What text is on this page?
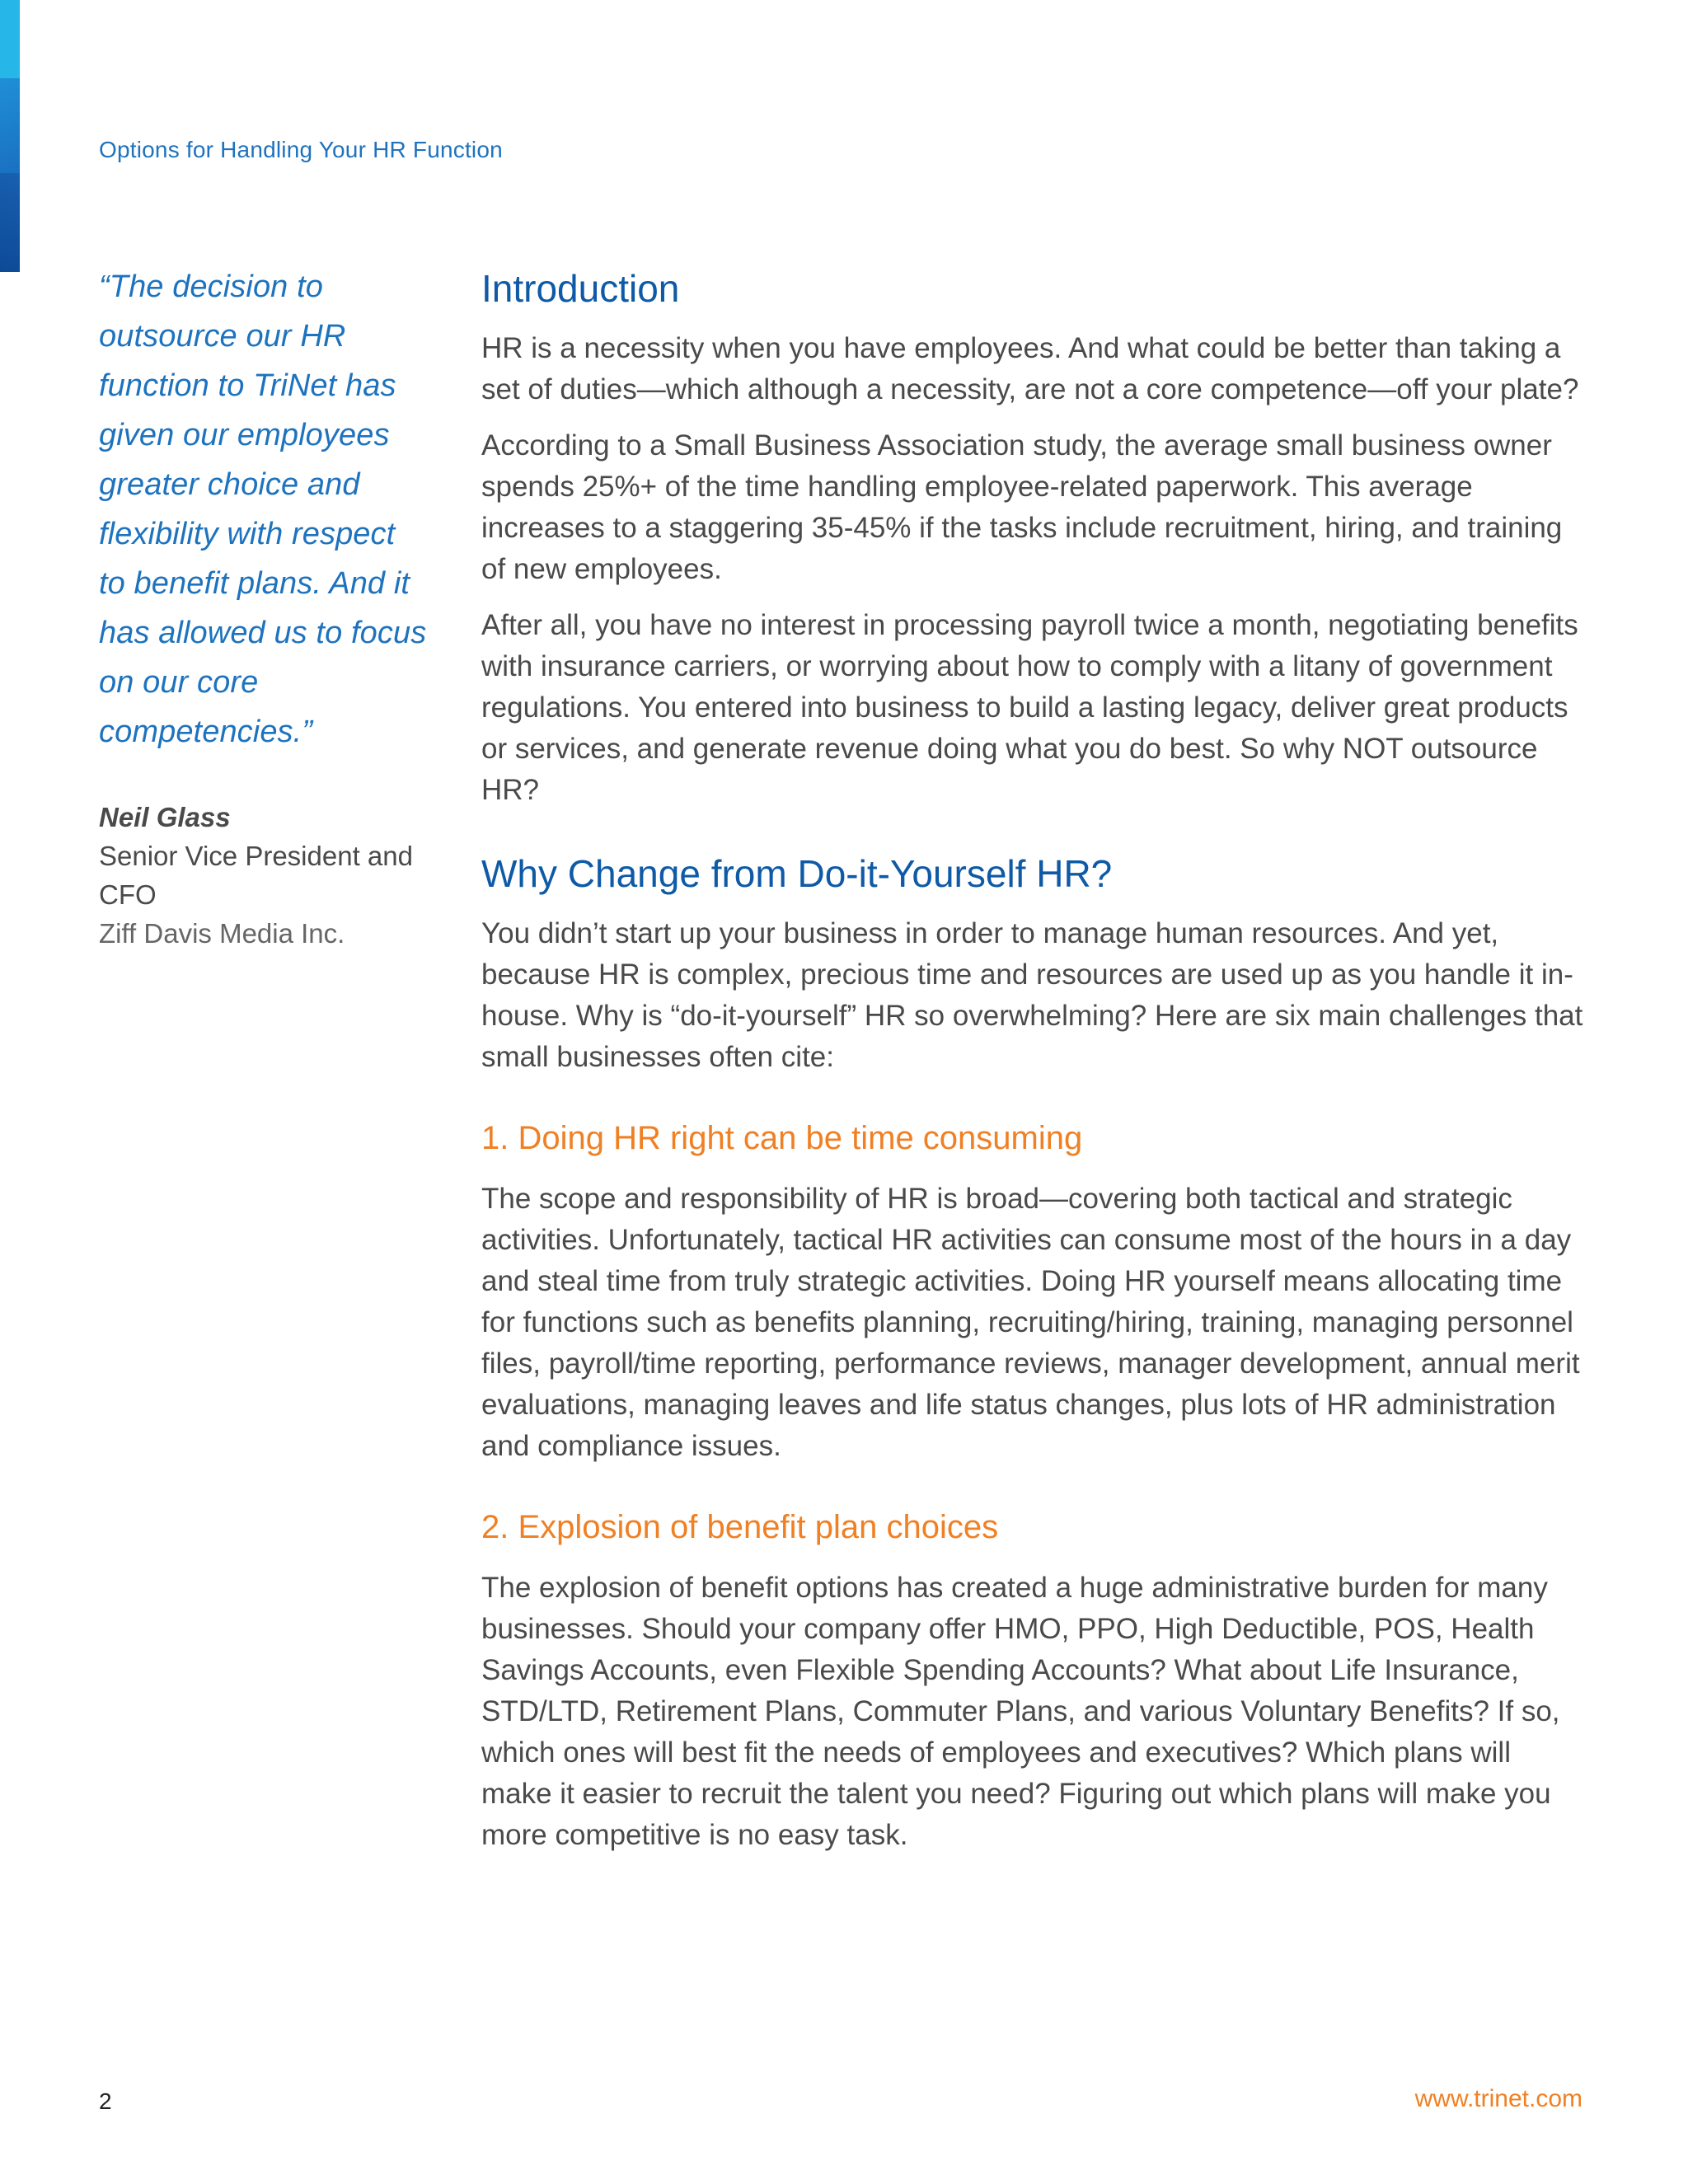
Options for Handling Your HR Function

“The decision to outsource our HR function to TriNet has given our employees greater choice and flexibility with respect to benefit plans. And it has allowed us to focus on our core competencies.”

Neil Glass
Senior Vice President and CFO
Ziff Davis Media Inc.
Introduction

HR is a necessity when you have employees. And what could be better than taking a set of duties—which although a necessity, are not a core competence—off your plate?

According to a Small Business Association study, the average small business owner spends 25%+ of the time handling employee-related paperwork. This average increases to a staggering 35-45% if the tasks include recruitment, hiring, and training of new employees.

After all, you have no interest in processing payroll twice a month, negotiating benefits with insurance carriers, or worrying about how to comply with a litany of government regulations. You entered into business to build a lasting legacy, deliver great products or services, and generate revenue doing what you do best. So why NOT outsource HR?

Why Change from Do-it-Yourself HR?

You didn’t start up your business in order to manage human resources. And yet, because HR is complex, precious time and resources are used up as you handle it in-house. Why is “do-it-yourself” HR so overwhelming? Here are six main challenges that small businesses often cite:

1. Doing HR right can be time consuming

The scope and responsibility of HR is broad—covering both tactical and strategic activities. Unfortunately, tactical HR activities can consume most of the hours in a day and steal time from truly strategic activities. Doing HR yourself means allocating time for functions such as benefits planning, recruiting/hiring, training, managing personnel files, payroll/time reporting, performance reviews, manager development, annual merit evaluations, managing leaves and life status changes, plus lots of HR administration and compliance issues.

2. Explosion of benefit plan choices

The explosion of benefit options has created a huge administrative burden for many businesses. Should your company offer HMO, PPO, High Deductible, POS, Health Savings Accounts, even Flexible Spending Accounts? What about Life Insurance, STD/LTD, Retirement Plans, Commuter Plans, and various Voluntary Benefits? If so, which ones will best fit the needs of employees and executives? Which plans will make it easier to recruit the talent you need? Figuring out which plans will make you more competitive is no easy task.

2	www.trinet.com
